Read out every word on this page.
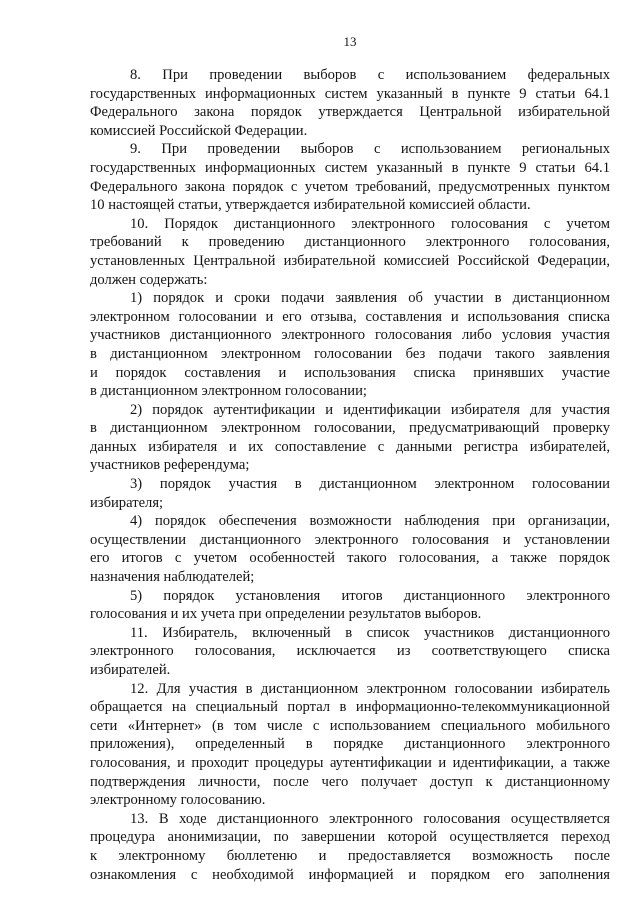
13
8. При проведении выборов с использованием федеральных
государственных информационных систем указанный в пункте 9 статьи 64.1
Федерального закона порядок утверждается Центральной избирательной
комиссией Российской Федерации.
9. При проведении выборов с использованием региональных
государственных информационных систем указанный в пункте 9 статьи 64.1
Федерального закона порядок с учетом требований, предусмотренных пунктом
10 настоящей статьи, утверждается избирательной комиссией области.
10. Порядок дистанционного электронного голосования с учетом
требований к проведению дистанционного электронного голосования,
установленных Центральной избирательной комиссией Российской Федерации,
должен содержать:
1) порядок и сроки подачи заявления об участии в дистанционном
электронном голосовании и его отзыва, составления и использования списка
участников дистанционного электронного голосования либо условия участия
в дистанционном электронном голосовании без подачи такого заявления
и порядок составления и использования списка принявших участие
в дистанционном электронном голосовании;
2) порядок аутентификации и идентификации избирателя для участия
в дистанционном электронном голосовании, предусматривающий проверку
данных избирателя и их сопоставление с данными регистра избирателей,
участников референдума;
3) порядок участия в дистанционном электронном голосовании
избирателя;
4) порядок обеспечения возможности наблюдения при организации,
осуществлении дистанционного электронного голосования и установлении
его итогов с учетом особенностей такого голосования, а также порядок
назначения наблюдателей;
5) порядок установления итогов дистанционного электронного
голосования и их учета при определении результатов выборов.
11. Избиратель, включенный в список участников дистанционного
электронного голосования, исключается из соответствующего списка
избирателей.
12. Для участия в дистанционном электронном голосовании избиратель
обращается на специальный портал в информационно-телекоммуникационной
сети «Интернет» (в том числе с использованием специального мобильного
приложения), определенный в порядке дистанционного электронного
голосования, и проходит процедуры аутентификации и идентификации, а также
подтверждения личности, после чего получает доступ к дистанционному
электронному голосованию.
13. В ходе дистанционного электронного голосования осуществляется
процедура анонимизации, по завершении которой осуществляется переход
к электронному бюллетеню и предоставляется возможность после
ознакомления с необходимой информацией и порядком его заполнения
